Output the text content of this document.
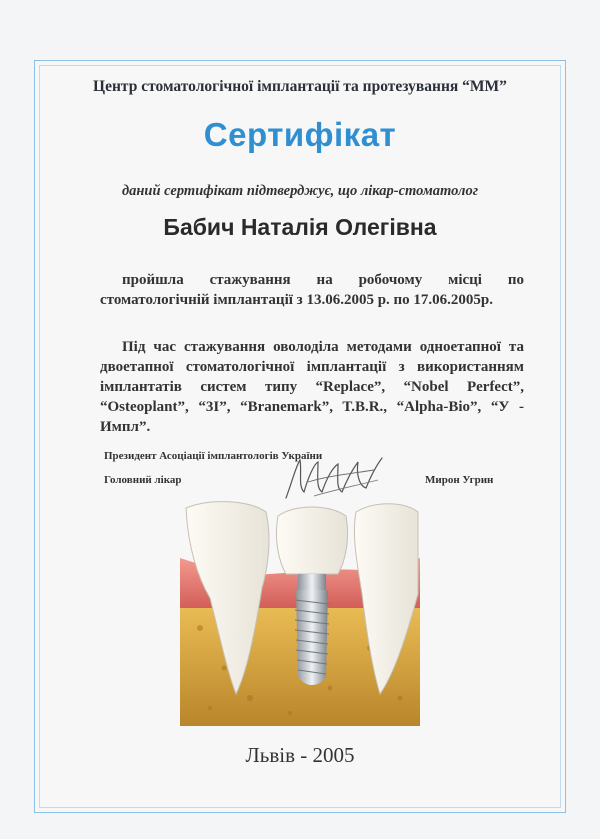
Центр стоматологічної імплантації та протезування “ММ”
Сертифікат
даний сертифікат підтверджує, що лікар-стоматолог
Бабич Наталія Олегівна
пройшла стажування на робочому місці по стоматологічній імплантації з 13.06.2005 р. по 17.06.2005р.
Під час стажування оволоділа методами одноетапної та двоетапної стоматологічної імплантації з використанням імплантатів систем типу “Replace”, “Nobel Perfect”, “Osteoplant”, “3I”, “Branemark”, T.B.R., “Alpha-Bio”, “У - Импл”.
Президент Асоціації імплантологів України
Головний лікар	Мирон Угрин
Львів - 2005
